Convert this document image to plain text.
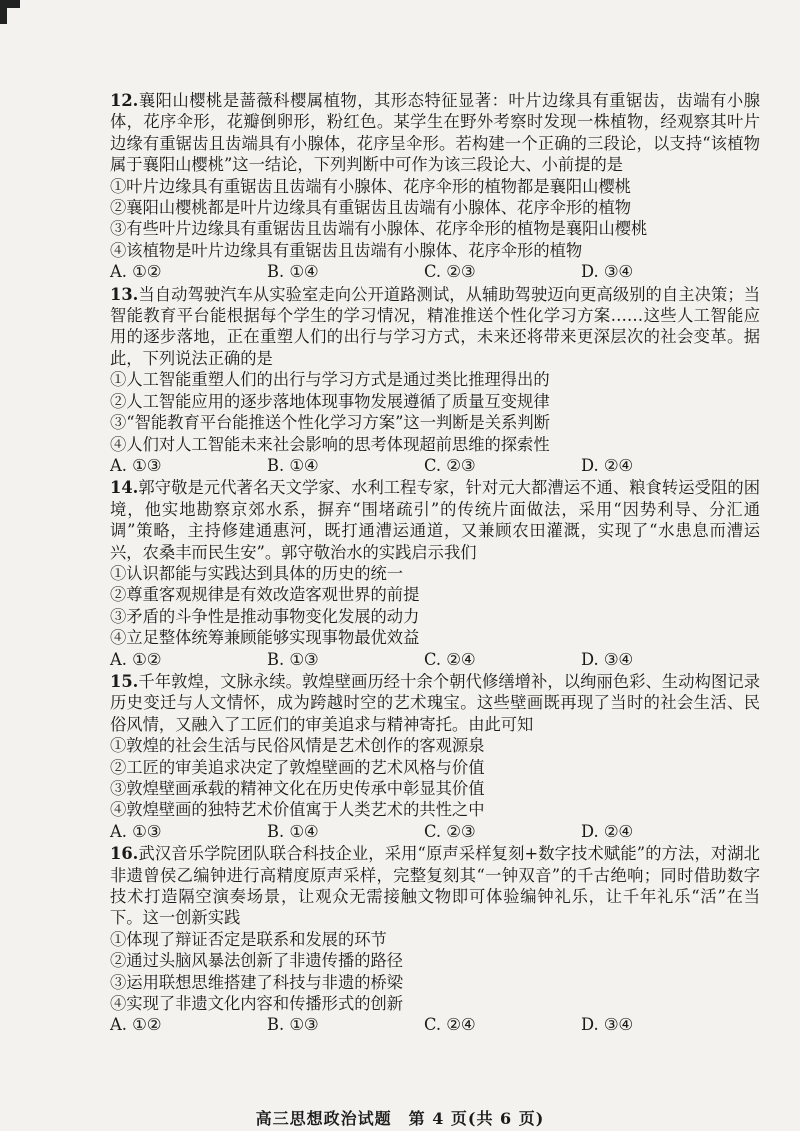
12.襄阳山樱桃是蔷薇科樱属植物，其形态特征显著：叶片边缘具有重锯齿，齿端有小腺体，花序伞形，花瓣倒卵形，粉红色。某学生在野外考察时发现一株植物，经观察其叶片边缘有重锯齿且齿端具有小腺体，花序呈伞形。若构建一个正确的三段论，以支持“该植物属于襄阳山樱桃”这一结论，下列判断中可作为该三段论大、小前提的是

①叶片边缘具有重锯齿且齿端有小腺体、花序伞形的植物都是襄阳山樱桃

②襄阳山樱桃都是叶片边缘具有重锯齿且齿端有小腺体、花序伞形的植物

③有些叶片边缘具有重锯齿且齿端有小腺体、花序伞形的植物是襄阳山樱桃

④该植物是叶片边缘具有重锯齿且齿端有小腺体、花序伞形的植物

A. ①②	B. ①④	C. ②③	D. ③④

13.当自动驾驶汽车从实验室走向公开道路测试，从辅助驾驶迈向更高级别的自主决策；当智能教育平台能根据每个学生的学习情况，精准推送个性化学习方案……这些人工智能应用的逐步落地，正在重塑人们的出行与学习方式，未来还将带来更深层次的社会变革。据此，下列说法正确的是

①人工智能重塑人们的出行与学习方式是通过类比推理得出的

②人工智能应用的逐步落地体现事物发展遵循了质量互变规律

③“智能教育平台能推送个性化学习方案”这一判断是关系判断

④人们对人工智能未来社会影响的思考体现超前思维的探索性

A. ①③	B. ①④	C. ②③	D. ②④

14.郭守敬是元代著名天文学家、水利工程专家，针对元大都漕运不通、粮食转运受阻的困境，他实地勘察京郊水系，摒弃“围堵疏引”的传统片面做法，采用“因势利导、分汇通调”策略，主持修建通惠河，既打通漕运通道，又兼顾农田灌溉，实现了“水患息而漕运兴，农桑丰而民生安”。郭守敬治水的实践启示我们

①认识都能与实践达到具体的历史的统一

②尊重客观规律是有效改造客观世界的前提

③矛盾的斗争性是推动事物变化发展的动力

④立足整体统筹兼顾能够实现事物最优效益

A. ①②	B. ①③	C. ②④	D. ③④

15.千年敦煌，文脉永续。敦煌壁画历经十余个朝代修缮增补，以绚丽色彩、生动构图记录历史变迁与人文情怀，成为跨越时空的艺术瑰宝。这些壁画既再现了当时的社会生活、民俗风情，又融入了工匠们的审美追求与精神寄托。由此可知

①敦煌的社会生活与民俗风情是艺术创作的客观源泉

②工匠的审美追求决定了敦煌壁画的艺术风格与价值

③敦煌壁画承载的精神文化在历史传承中彰显其价值

④敦煌壁画的独特艺术价值寓于人类艺术的共性之中

A. ①③	B. ①④	C. ②③	D. ②④

16.武汉音乐学院团队联合科技企业，采用“原声采样复刻+数字技术赋能”的方法，对湖北非遗曾侯乙编钟进行高精度原声采样，完整复刻其“一钟双音”的千古绝响；同时借助数字技术打造隔空演奏场景，让观众无需接触文物即可体验编钟礼乐，让千年礼乐“活”在当下。这一创新实践

①体现了辩证否定是联系和发展的环节

②通过头脑风暴法创新了非遗传播的路径

③运用联想思维搭建了科技与非遗的桥梁

④实现了非遗文化内容和传播形式的创新

A. ①②	B. ①③	C. ②④	D. ③④
高三思想政治试题　第 4 页(共 6 页)
